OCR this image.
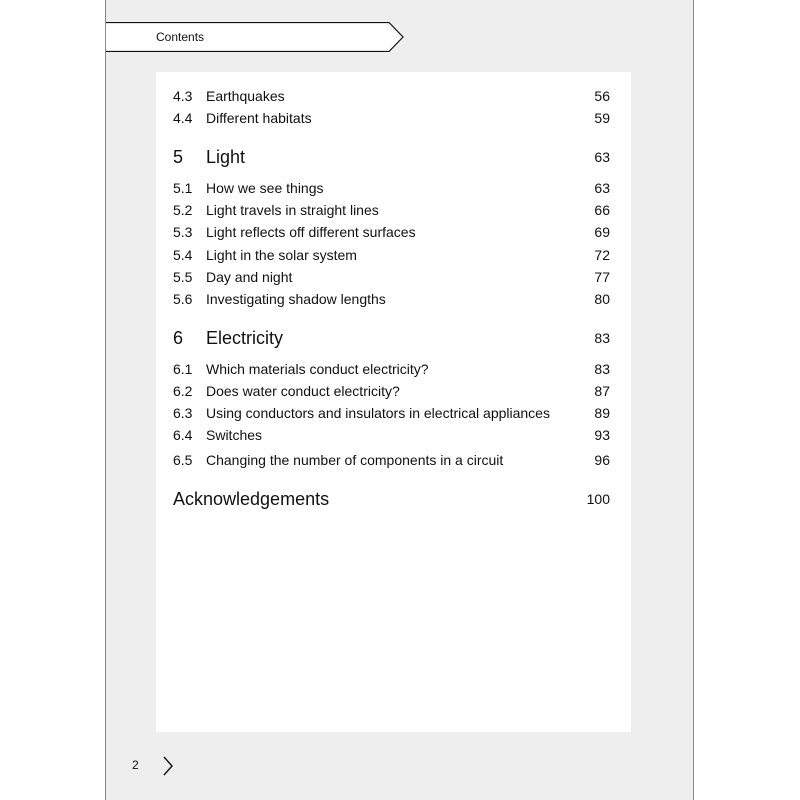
Contents
4.3 Earthquakes	56
4.4 Different habitats	59
5 Light	63
5.1 How we see things	63
5.2 Light travels in straight lines	66
5.3 Light reflects off different surfaces	69
5.4 Light in the solar system	72
5.5 Day and night	77
5.6 Investigating shadow lengths	80
6 Electricity	83
6.1 Which materials conduct electricity?	83
6.2 Does water conduct electricity?	87
6.3 Using conductors and insulators in electrical appliances	89
6.4 Switches	93
6.5 Changing the number of components in a circuit	96
Acknowledgements	100
2
